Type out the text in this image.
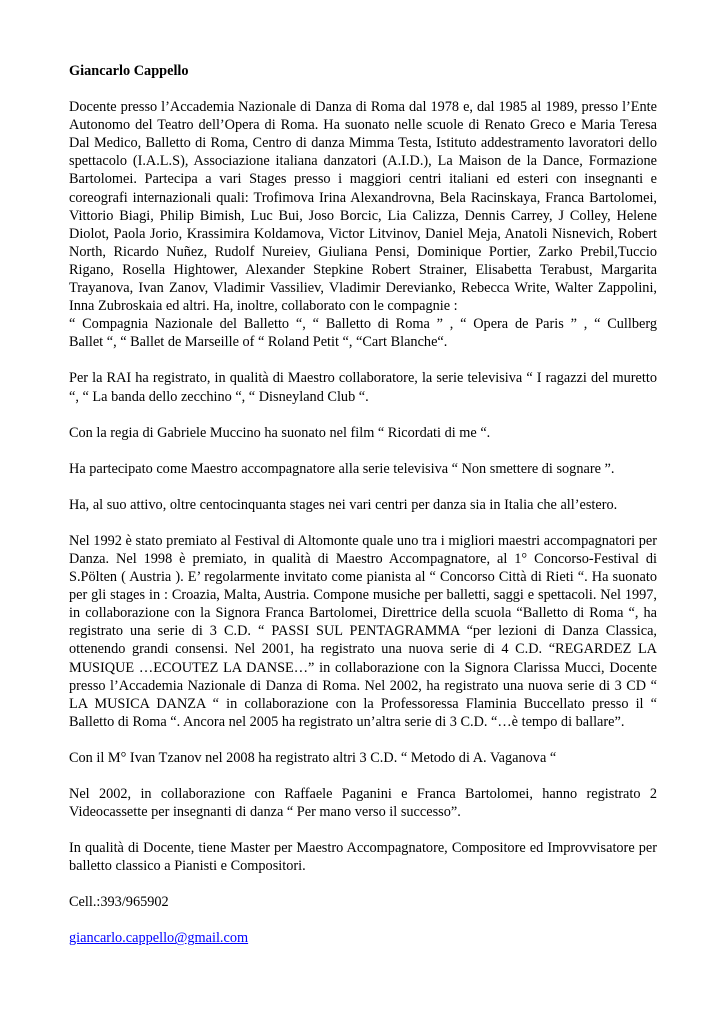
Giancarlo Cappello

Docente presso l’Accademia Nazionale di Danza di Roma dal 1978 e, dal 1985 al 1989, presso l’Ente Autonomo del Teatro dell’Opera di Roma. Ha suonato nelle scuole di Renato Greco e Maria Teresa Dal Medico, Balletto di Roma, Centro di danza Mimma Testa, Istituto addestramento lavoratori dello spettacolo (I.A.L.S), Associazione italiana danzatori (A.I.D.), La Maison de la Dance, Formazione Bartolomei. Partecipa a vari Stages presso i maggiori centri italiani ed esteri con insegnanti e coreografi internazionali quali: Trofimova Irina Alexandrovna, Bela Racinskaya, Franca Bartolomei, Vittorio Biagi, Philip Bimish, Luc Bui, Joso Borcic, Lia Calizza, Dennis Carrey, J Colley, Helene Diolot, Paola Jorio, Krassimira Koldamova, Victor Litvinov, Daniel Meja, Anatoli Nisnevich, Robert North, Ricardo Nuñez, Rudolf Nureiev, Giuliana Pensi, Dominique Portier, Zarko Prebil,Tuccio Rigano, Rosella Hightower, Alexander Stepkine Robert Strainer, Elisabetta Terabust, Margarita Trayanova, Ivan Zanov, Vladimir Vassiliev, Vladimir Derevianko, Rebecca Write, Walter Zappolini, Inna Zubroskaia ed altri. Ha, inoltre, collaborato con le compagnie :

“ Compagnia Nazionale del Balletto “, “ Balletto di Roma ” , “ Opera de Paris ” , “ Cullberg
Ballet “, “ Ballet de Marseille of “ Roland Petit “, “Cart Blanche“.

Per la RAI ha registrato, in qualità di Maestro collaboratore, la serie televisiva “ I ragazzi del muretto “, “ La banda dello zecchino “, “ Disneyland Club “.

Con la regia di Gabriele Muccino ha suonato nel film “ Ricordati di me “.

Ha partecipato come Maestro accompagnatore alla serie televisiva “ Non smettere di sognare ”.

Ha, al suo attivo, oltre centocinquanta stages nei vari centri per danza sia in Italia che all’estero.

Nel 1992 è stato premiato al Festival di Altomonte quale uno tra i migliori maestri accompagnatori per Danza. Nel 1998 è premiato, in qualità di Maestro Accompagnatore, al 1° Concorso-Festival di S.Pölten ( Austria ). E’ regolarmente invitato come pianista al “ Concorso Città di Rieti “. Ha suonato per gli stages in : Croazia, Malta, Austria. Compone musiche per balletti, saggi e spettacoli. Nel 1997, in collaborazione con la Signora Franca Bartolomei, Direttrice della scuola “Balletto di Roma “, ha registrato una serie di 3 C.D. “ PASSI SUL PENTAGRAMMA “per lezioni di Danza Classica, ottenendo grandi consensi. Nel 2001, ha registrato una nuova serie di 4 C.D. “REGARDEZ LA MUSIQUE …ECOUTEZ LA DANSE…” in collaborazione con la Signora Clarissa Mucci, Docente presso l’Accademia Nazionale di Danza di Roma. Nel 2002, ha registrato una nuova serie di 3 CD “ LA MUSICA DANZA “ in collaborazione con la Professoressa Flaminia Buccellato presso il “ Balletto di Roma “. Ancora nel 2005 ha registrato un’altra serie di 3 C.D. “…è tempo di ballare”.

Con il M° Ivan Tzanov nel 2008 ha registrato altri 3 C.D. “ Metodo di A. Vaganova “

Nel 2002, in collaborazione con Raffaele Paganini e Franca Bartolomei, hanno registrato 2 Videocassette per insegnanti di danza “ Per mano verso il successo”.

In qualità di Docente, tiene Master per Maestro Accompagnatore, Compositore ed Improvvisatore per balletto classico a Pianisti e Compositori.

Cell.:393/965902

giancarlo.cappello@gmail.com
